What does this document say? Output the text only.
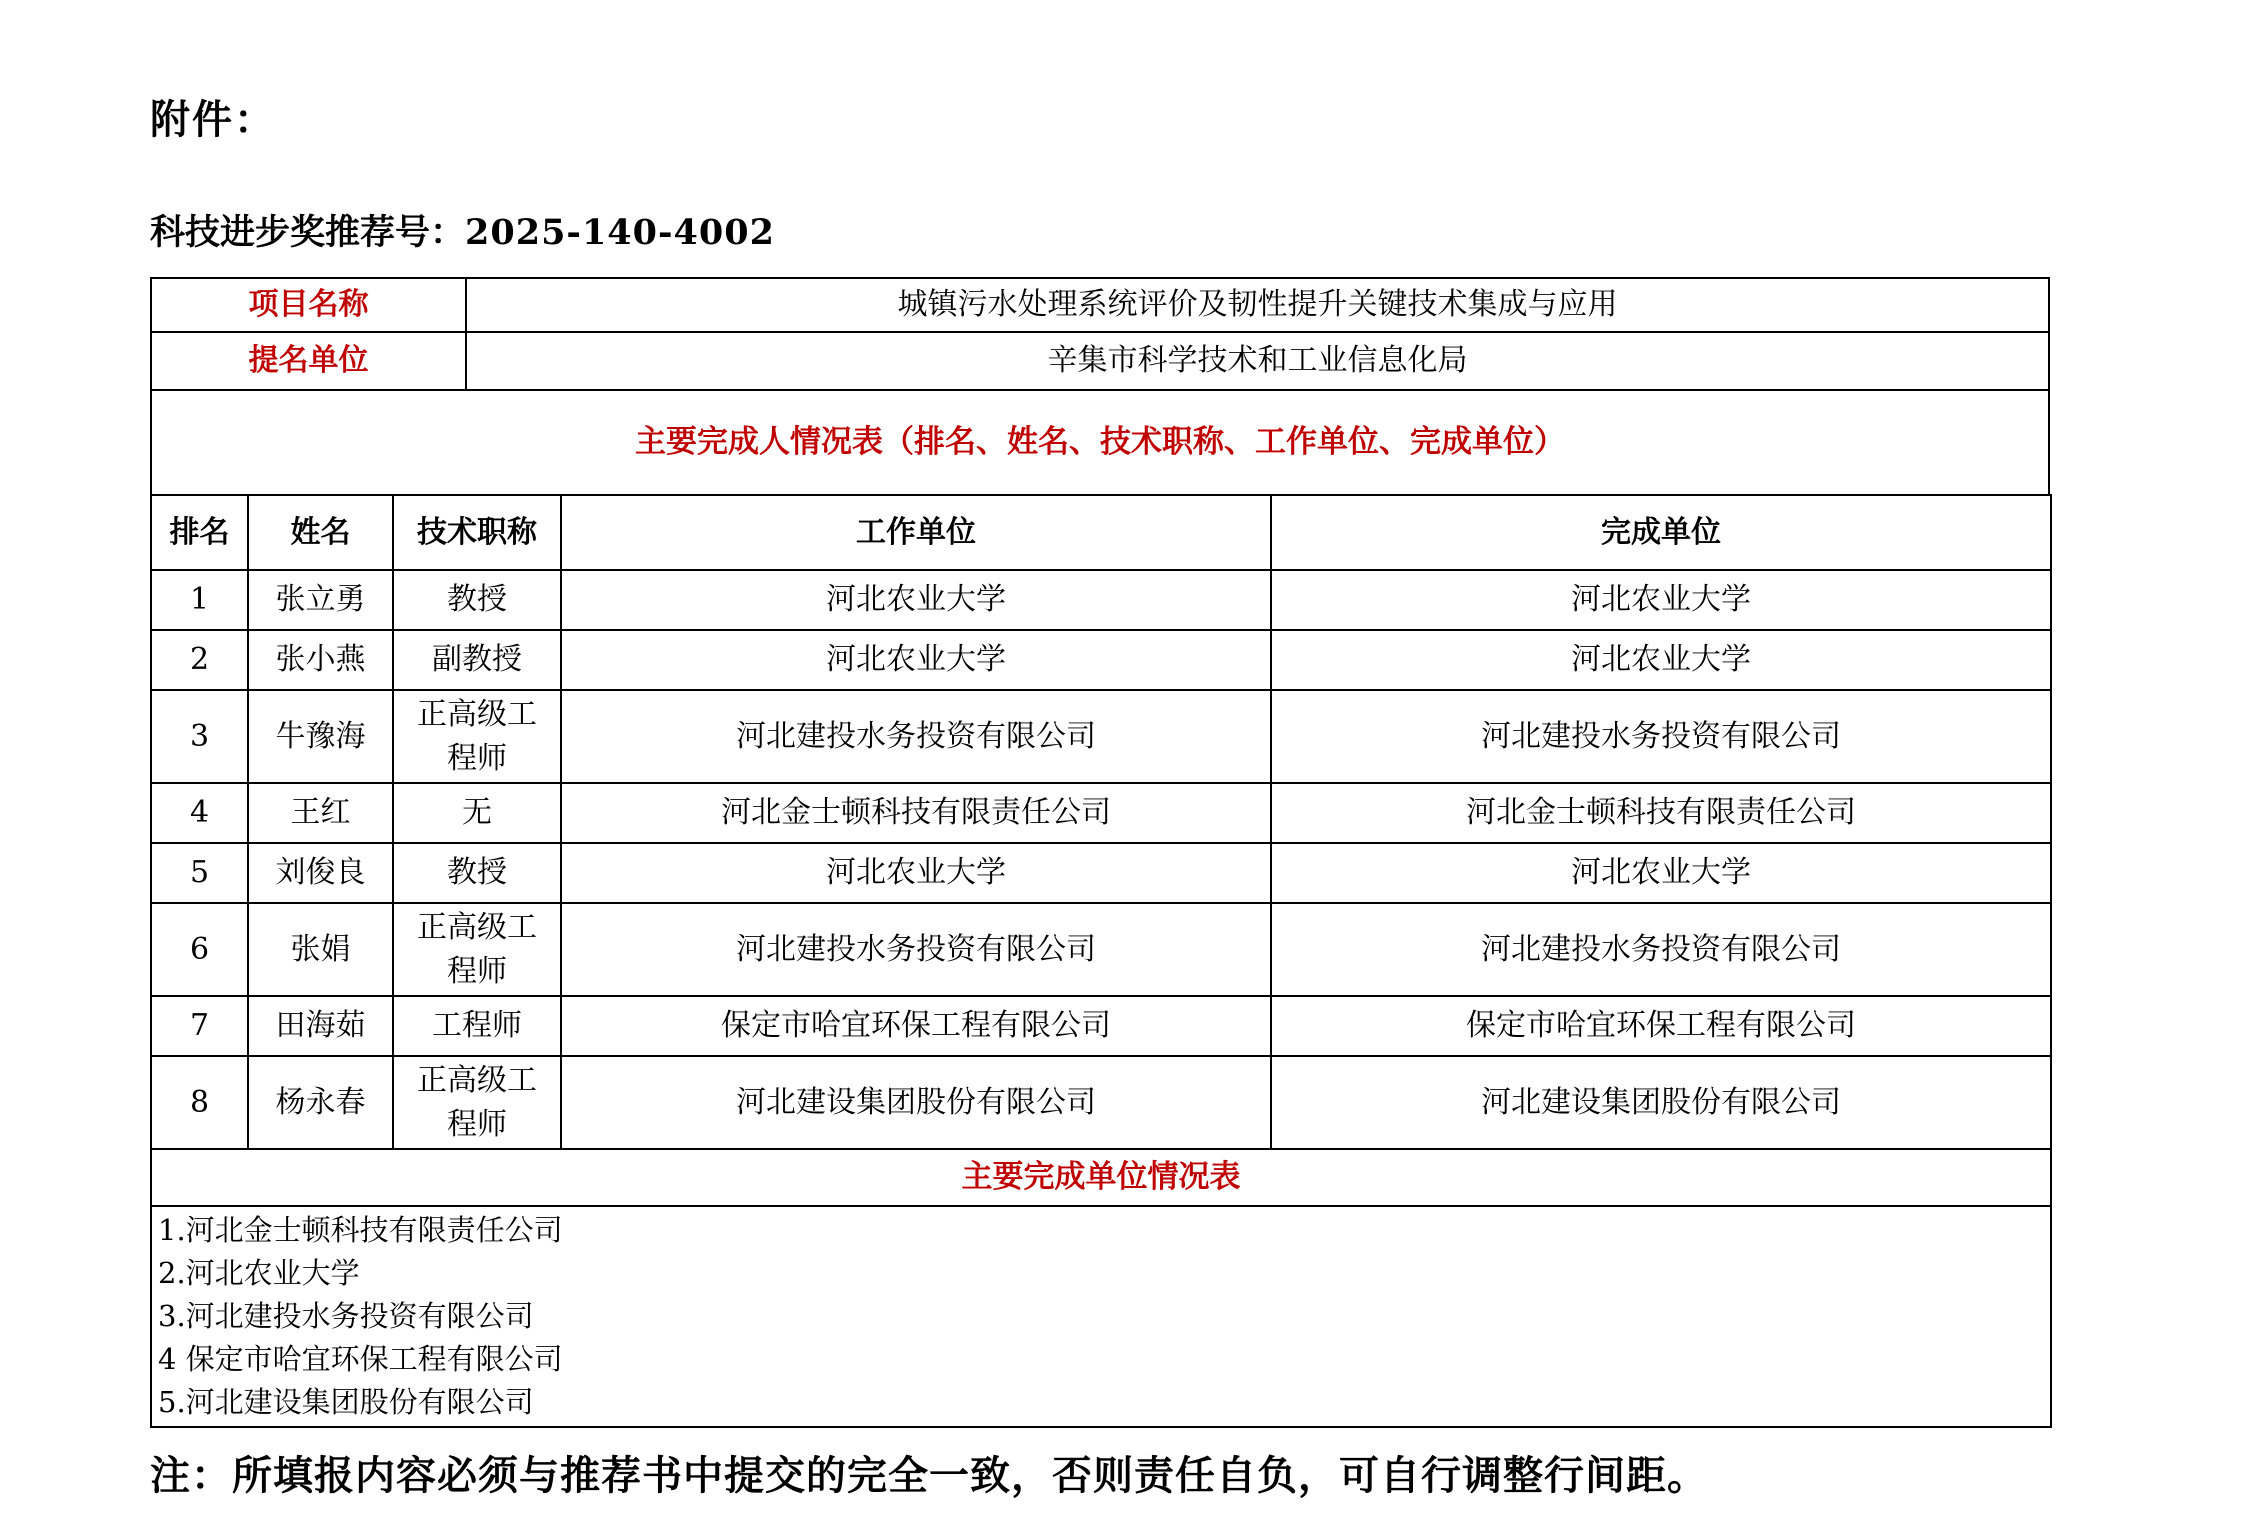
附件：

科技进步奖推荐号：2025-140-4002

项目名称	城镇污水处理系统评价及韧性提升关键技术集成与应用
提名单位	辛集市科学技术和工业信息化局
主要完成人情况表（排名、姓名、技术职称、工作单位、完成单位）	
排名	姓名	技术职称	工作单位	完成单位
1	张立勇	教授	河北农业大学	河北农业大学
2	张小燕	副教授	河北农业大学	河北农业大学
3	牛豫海	正高级工程师	河北建投水务投资有限公司	河北建投水务投资有限公司
4	王红	无	河北金士顿科技有限责任公司	河北金士顿科技有限责任公司
5	刘俊良	教授	河北农业大学	河北农业大学
6	张娟	正高级工程师	河北建投水务投资有限公司	河北建投水务投资有限公司
7	田海茹	工程师	保定市哈宜环保工程有限公司	保定市哈宜环保工程有限公司
8	杨永春	正高级工程师	河北建设集团股份有限公司	河北建设集团股份有限公司
主要完成单位情况表				

1.河北金士顿科技有限责任公司
2.河北农业大学
3.河北建投水务投资有限公司
4 保定市哈宜环保工程有限公司
5.河北建设集团股份有限公司				

注：所填报内容必须与推荐书中提交的完全一致，否则责任自负，可自行调整行间距。
